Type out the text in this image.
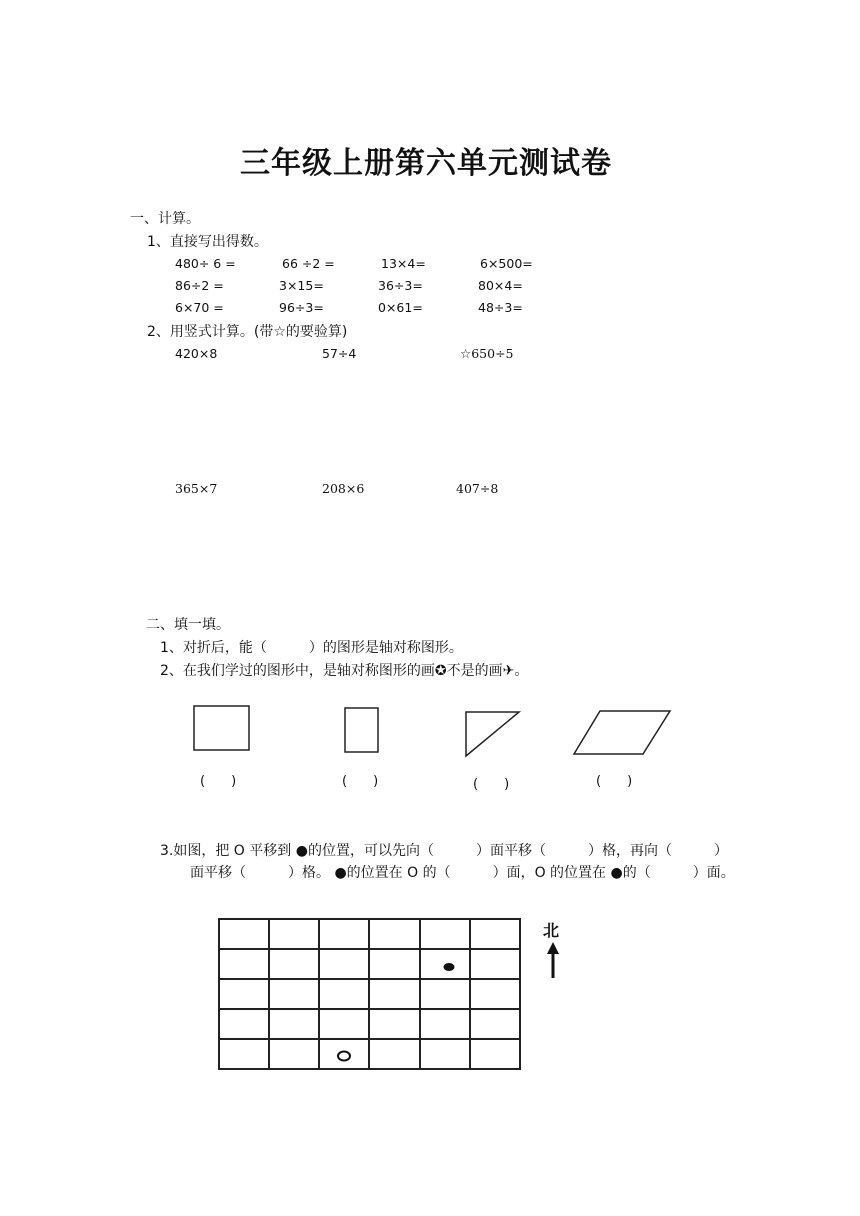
三年级上册第六单元测试卷
一、计算。
1、直接写出得数。
480÷ 6 =	66 ÷2 =	13×4=	6×500=
86÷2 =	3×15=	36÷3=	80×4=
6×70 =	96÷3=	0×61=	48÷3=
2、用竖式计算。(带☆的要验算)
420×8	57÷4	☆650÷5
365×7	208×6	407÷8
二、填一填。
1、对折后，能（　　　）的图形是轴对称图形。
2、在我们学过的图形中，是轴对称图形的画✪不是的画✈。
(　　)	(　　)	(　　)	(　　)
3.如图，把 O 平移到 ●的位置，可以先向（　　　）面平移（　　　）格，再向（　　　）
面平移（　　　）格。 ●的位置在 O 的（　　　）面，O 的位置在 ●的（　　　）面。
北
